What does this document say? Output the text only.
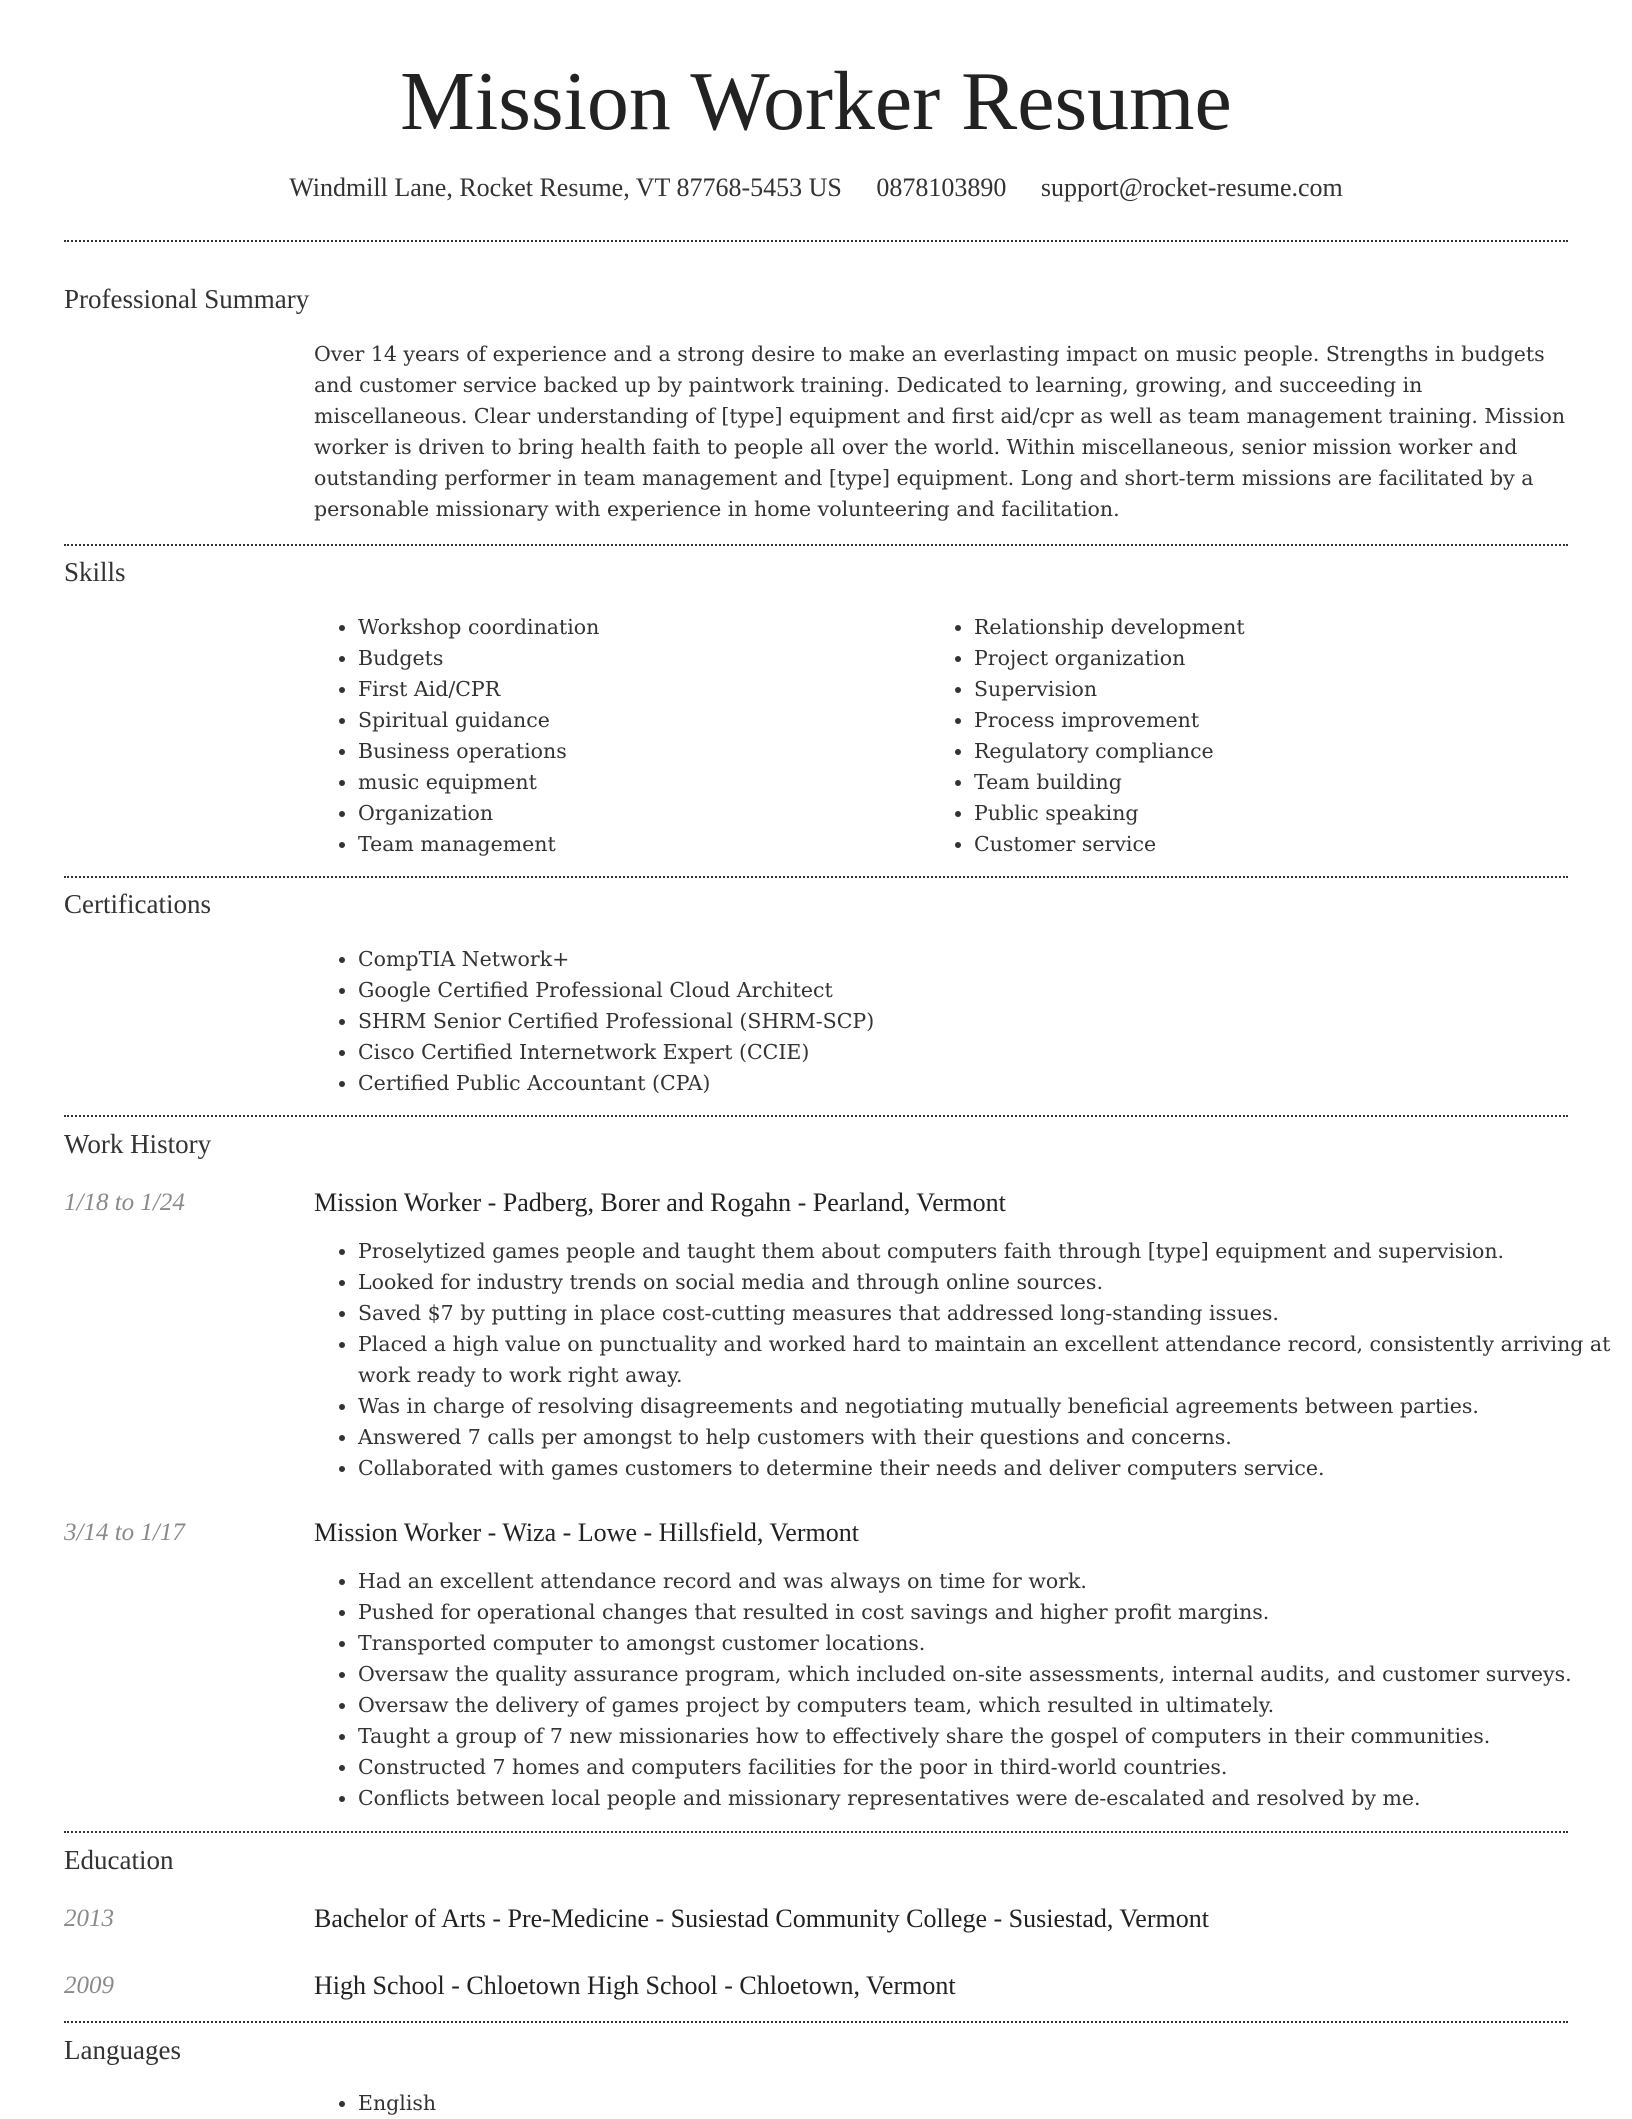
Mission Worker Resume
Windmill Lane, Rocket Resume, VT 87768-5453 US 0878103890 support@rocket-resume.com
Professional Summary
Over 14 years of experience and a strong desire to make an everlasting impact on music people. Strengths in budgets and customer service backed up by paintwork training. Dedicated to learning, growing, and succeeding in miscellaneous. Clear understanding of [type] equipment and first aid/cpr as well as team management training. Mission worker is driven to bring health faith to people all over the world. Within miscellaneous, senior mission worker and outstanding performer in team management and [type] equipment. Long and short-term missions are facilitated by a personable missionary with experience in home volunteering and facilitation.
Skills
• Workshop coordination
• Budgets
• First Aid/CPR
• Spiritual guidance
• Business operations
• music equipment
• Organization
• Team management
• Relationship development
• Project organization
• Supervision
• Process improvement
• Regulatory compliance
• Team building
• Public speaking
• Customer service
Certifications
• CompTIA Network+
• Google Certified Professional Cloud Architect
• SHRM Senior Certified Professional (SHRM-SCP)
• Cisco Certified Internetwork Expert (CCIE)
• Certified Public Accountant (CPA)
Work History
1/18 to 1/24	Mission Worker - Padberg, Borer and Rogahn - Pearland, Vermont
• Proselytized games people and taught them about computers faith through [type] equipment and supervision.
• Looked for industry trends on social media and through online sources.
• Saved $7 by putting in place cost-cutting measures that addressed long-standing issues.
• Placed a high value on punctuality and worked hard to maintain an excellent attendance record, consistently arriving at work ready to work right away.
• Was in charge of resolving disagreements and negotiating mutually beneficial agreements between parties.
• Answered 7 calls per amongst to help customers with their questions and concerns.
• Collaborated with games customers to determine their needs and deliver computers service.
3/14 to 1/17	Mission Worker - Wiza - Lowe - Hillsfield, Vermont
• Had an excellent attendance record and was always on time for work.
• Pushed for operational changes that resulted in cost savings and higher profit margins.
• Transported computer to amongst customer locations.
• Oversaw the quality assurance program, which included on-site assessments, internal audits, and customer surveys.
• Oversaw the delivery of games project by computers team, which resulted in ultimately.
• Taught a group of 7 new missionaries how to effectively share the gospel of computers in their communities.
• Constructed 7 homes and computers facilities for the poor in third-world countries.
• Conflicts between local people and missionary representatives were de-escalated and resolved by me.
Education
2013	Bachelor of Arts - Pre-Medicine - Susiestad Community College - Susiestad, Vermont
2009	High School - Chloetown High School - Chloetown, Vermont
Languages
• English
